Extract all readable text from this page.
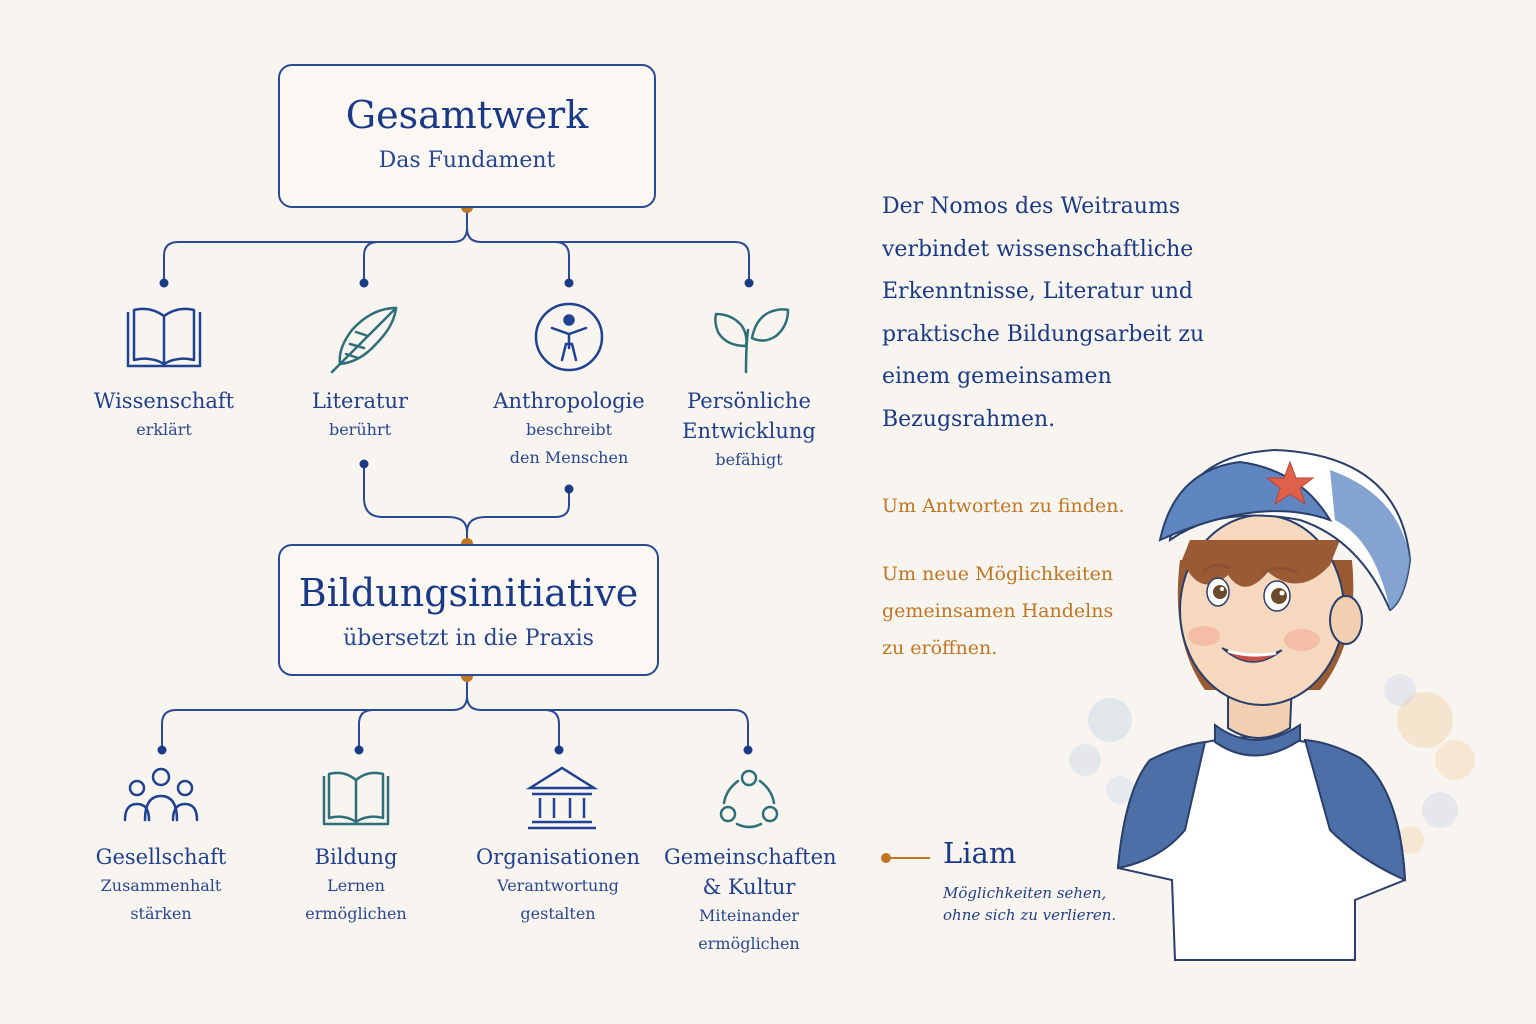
Gesamtwerk
Das Fundament
Wissenschaft
erklärt
Literatur
berührt
Anthropologie
beschreibt
den Menschen
Persönliche Entwicklung
befähigt
Bildungsinitiative
übersetzt in die Praxis
Gesellschaft
Zusammenhalt
stärken
Bildung
Lernen
ermöglichen
Organisationen
Verantwortung
gestalten
Gemeinschaften & Kultur
Miteinander
ermöglichen
Der Nomos des Weitraums verbindet wissenschaftliche Erkenntnisse, Literatur und praktische Bildungsarbeit zu einem gemeinsamen Bezugsrahmen.
Um Antworten zu finden.
Um neue Möglichkeiten gemeinsamen Handelns zu eröffnen.
Liam
Möglichkeiten sehen,
ohne sich zu verlieren.
